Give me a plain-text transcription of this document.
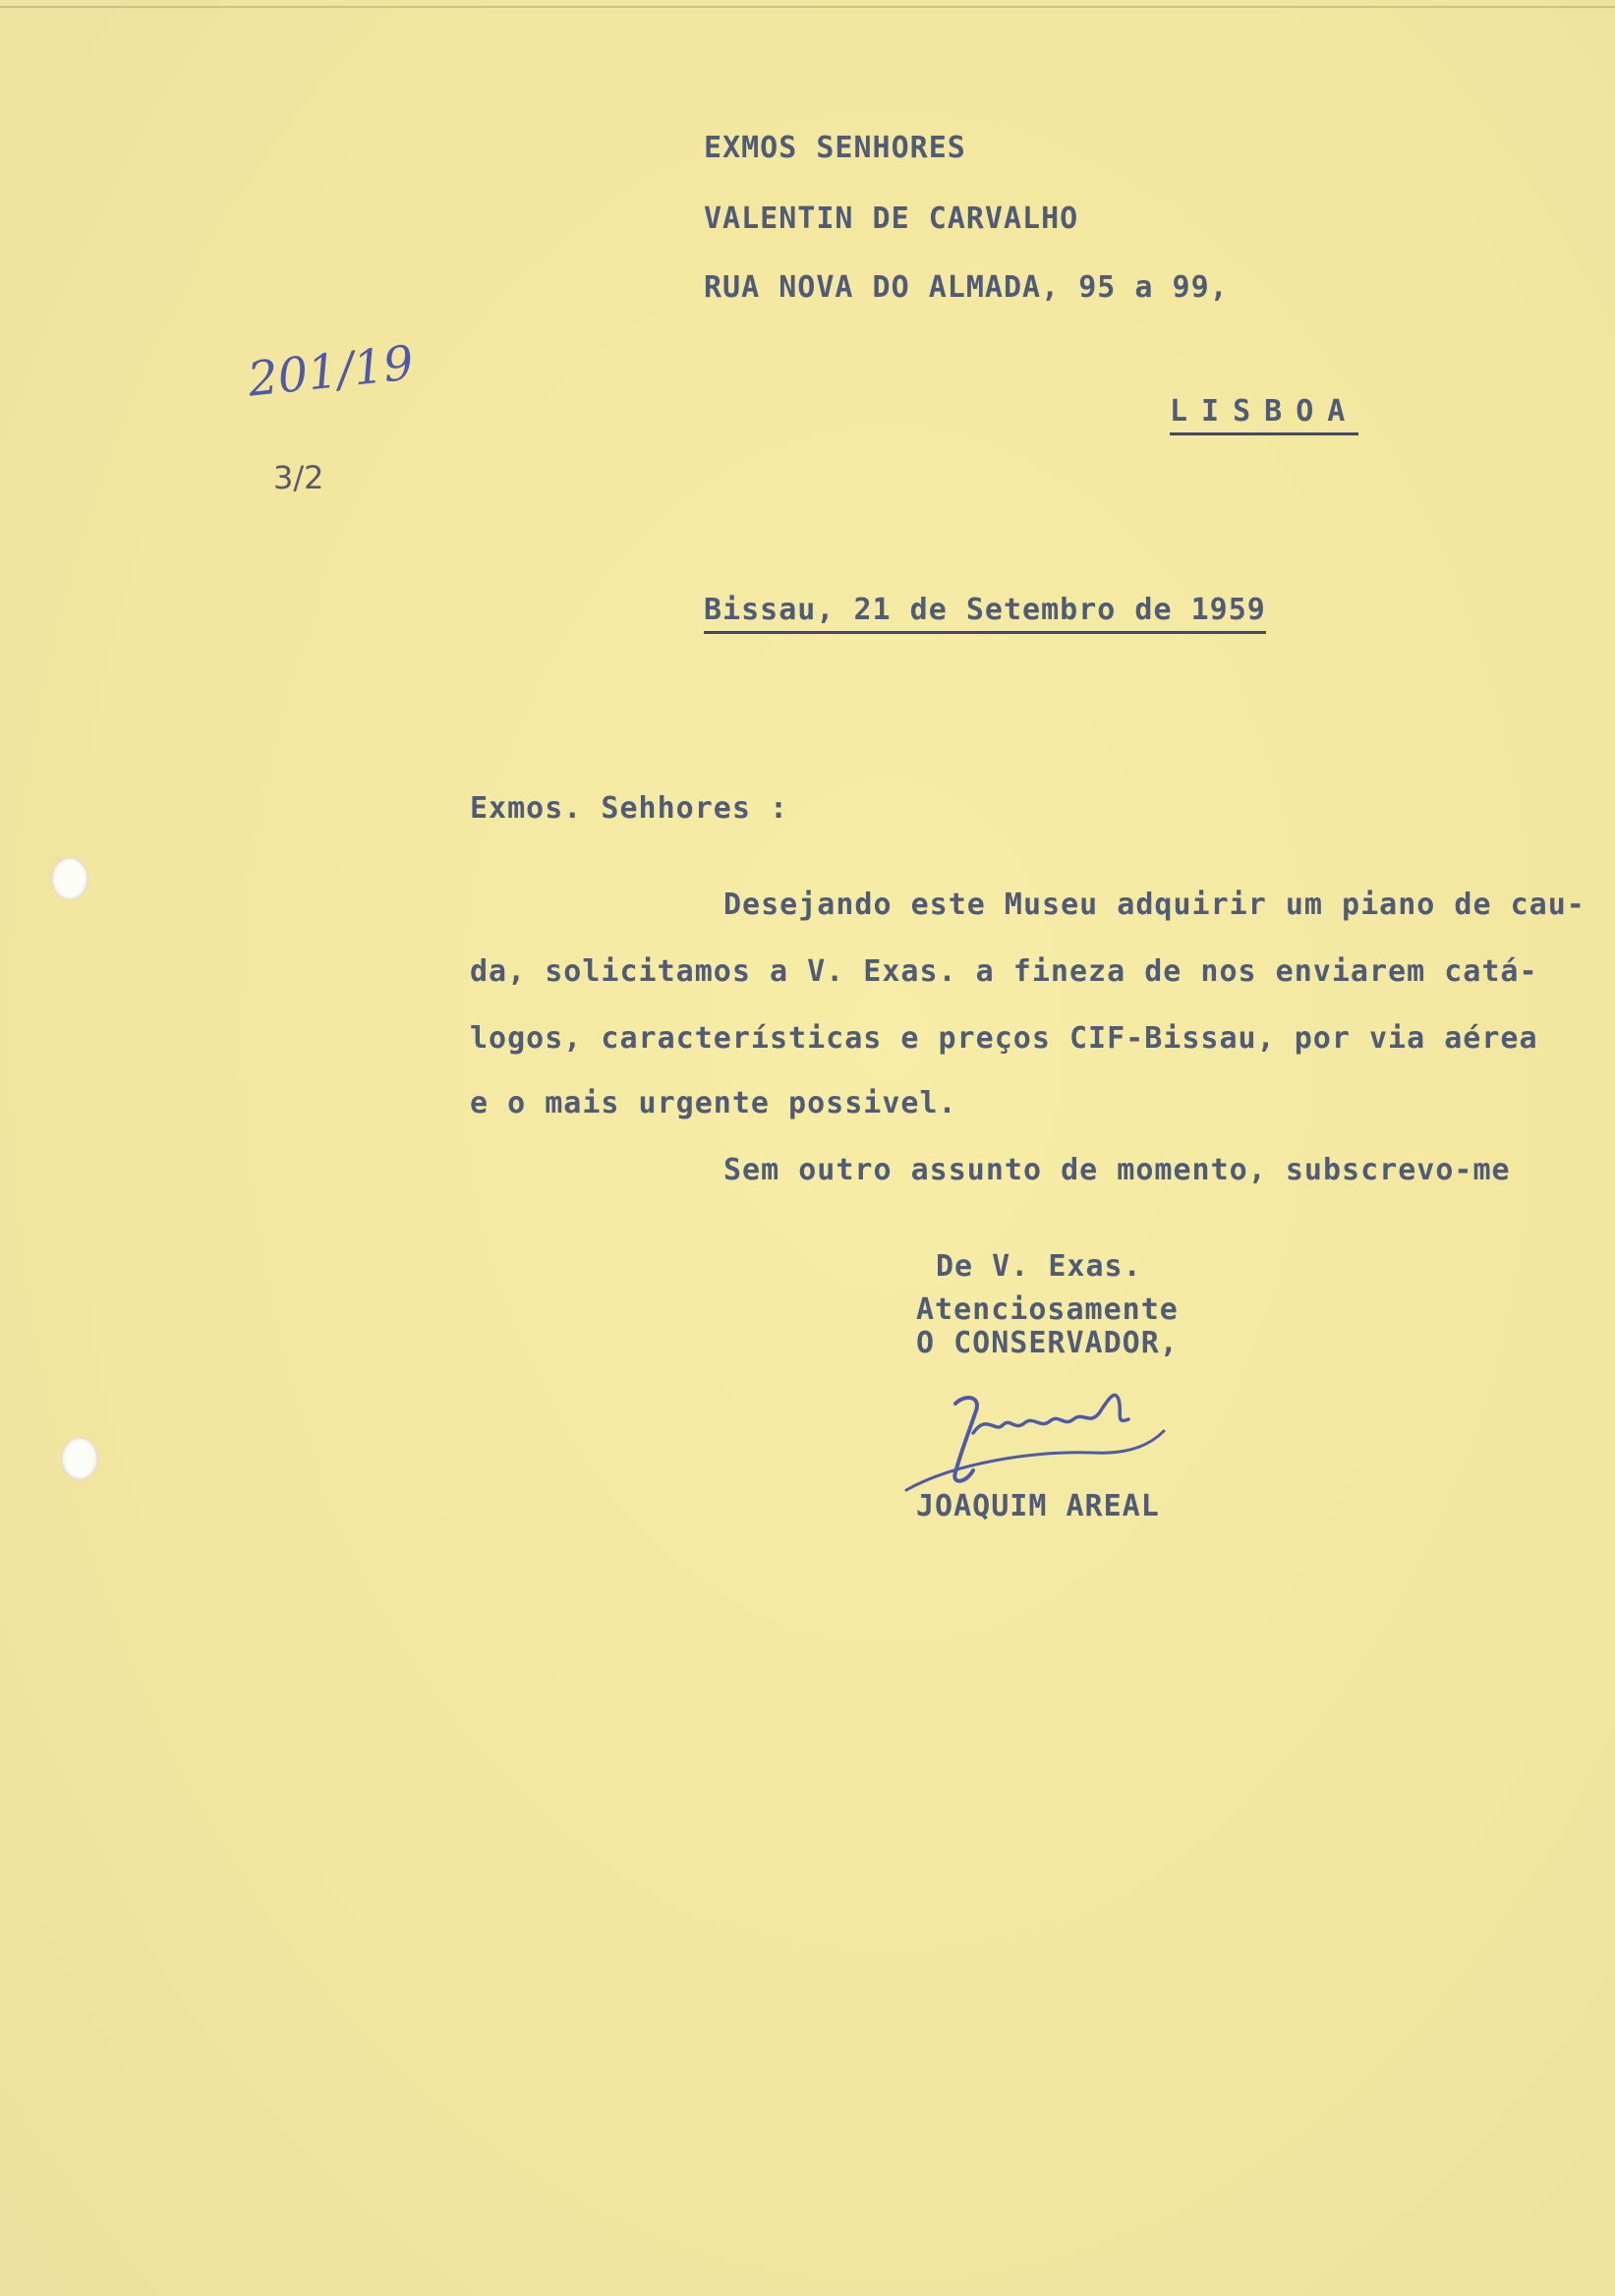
EXMOS SENHORES
VALENTIN DE CARVALHO
RUA NOVA DO ALMADA, 95 a 99,
LISBOA
201/19
3/2
Bissau, 21 de Setembro de 1959
Exmos. Sehhores :
Desejando este Museu adquirir um piano de cau-
da, solicitamos a V. Exas. a fineza de nos enviarem catá-
logos, características e preços CIF-Bissau, por via aérea
e o mais urgente possivel.
Sem outro assunto de momento, subscrevo-me
De V. Exas.
Atenciosamente
O CONSERVADOR,
JOAQUIM AREAL
